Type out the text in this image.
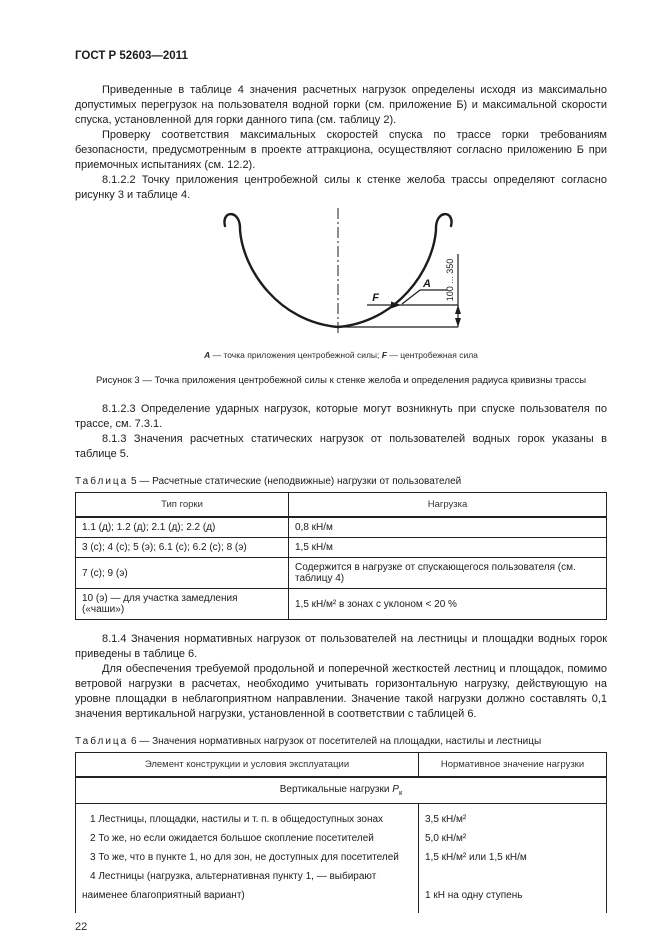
ГОСТ Р 52603—2011

Приведенные в таблице 4 значения расчетных нагрузок определены исходя из максимально допустимых перегрузок на пользователя водной горки (см. приложение Б) и максимальной скорости спуска, установленной для горки данного типа (см. таблицу 2).

Проверку соответствия максимальных скоростей спуска по трассе горки требованиям безопасности, предусмотренным в проекте аттракциона, осуществляют согласно приложению Б при приемочных испытаниях (см. 12.2).

8.1.2.2 Точку приложения центробежной силы к стенке желоба трассы определяют согласно рисунку 3 и таблице 4.

F
A 100 ... 350
A — точка приложения центробежной силы; F — центробежная сила
Рисунок 3 — Точка приложения центробежной силы к стенке желоба и определения радиуса кривизны трассы

8.1.2.3 Определение ударных нагрузок, которые могут возникнуть при спуске пользователя по трассе, см. 7.3.1.

8.1.3 Значения расчетных статических нагрузок от пользователей водных горок указаны в таблице 5.

Таблица 5 — Расчетные статические (неподвижные) нагрузки от пользователей

Тип горки	Нагрузка
1.1 (д); 1.2 (д); 2.1 (д); 2.2 (д)	0,8 кН/м
3 (с); 4 (с); 5 (э); 6.1 (с); 6.2 (с); 8 (э)	1,5 кН/м
7 (с); 9 (э)	Содержится в нагрузке от спускающегося пользователя (см. таблицу 4)
10 (э) — для участка замедления («чаши»)	1,5 кН/м² в зонах с уклоном < 20 %

8.1.4 Значения нормативных нагрузок от пользователей на лестницы и площадки водных горок приведены в таблице 6.

Для обеспечения требуемой продольной и поперечной жесткостей лестниц и площадок, помимо ветровой нагрузки в расчетах, необходимо учитывать горизонтальную нагрузку, действующую на уровне площадки в неблагоприятном направлении. Значение такой нагрузки должно составлять 0,1 значения вертикальной нагрузки, установленной в соответствии с таблицей 6.

Таблица 6 — Значения нормативных нагрузок от посетителей на площадки, настилы и лестницы

Элемент конструкции и условия эксплуатации	Нормативное значение нагрузки
Вертикальные нагрузки $P_к$

1 Лестницы, площадки, настилы и т. п. в общедоступных зонах	3,5 кН/м²

2 То же, но если ожидается большое скопление посетителей	5,0 кН/м²

3 То же, что в пункте 1, но для зон, не доступных для посетителей	1,5 кН/м² или 1,5 кН/м

4 Лестницы (нагрузка, альтернативная пункту 1, — выбирают наименее благоприятный вариант)	1 кН на одну ступень

22
